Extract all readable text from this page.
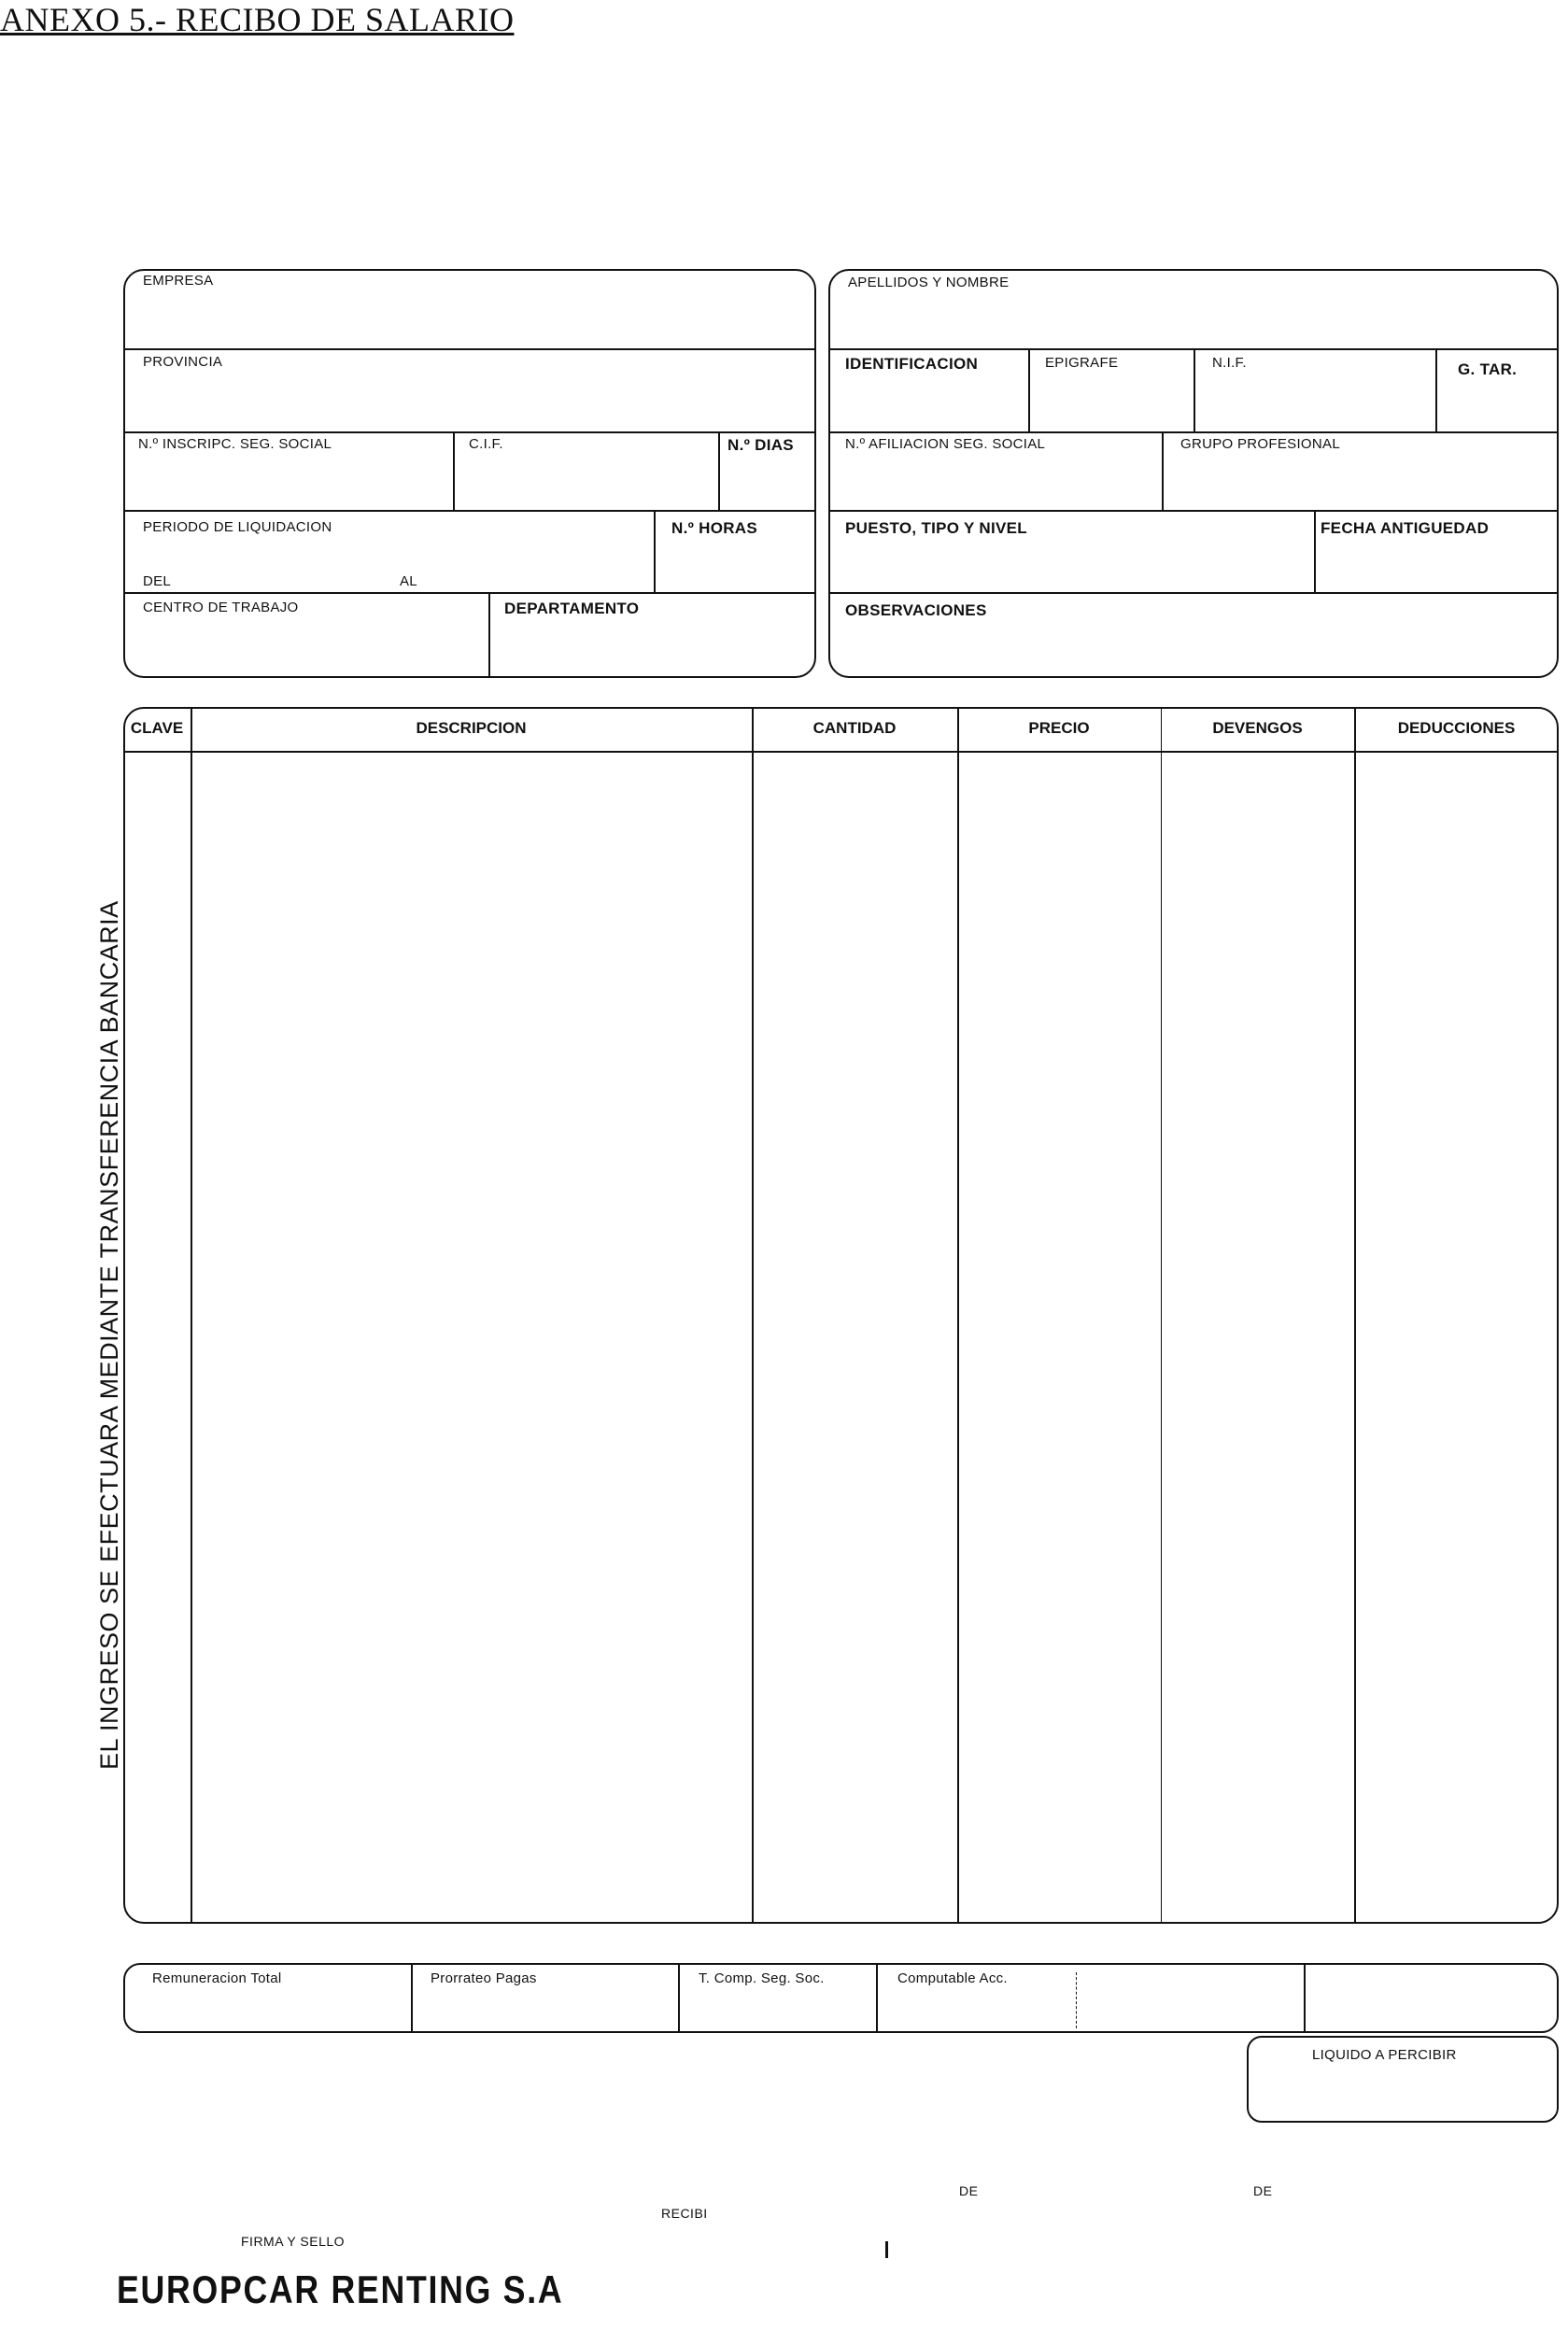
ANEXO 5.- RECIBO DE SALARIO
EMPRESA
PROVINCIA
N.º INSCRIPC. SEG. SOCIAL	C.I.F.	N.º DIAS
PERIODO DE LIQUIDACION	N.º HORAS
DEL	AL
CENTRO DE TRABAJO	DEPARTAMENTO
APELLIDOS Y NOMBRE
IDENTIFICACION	EPIGRAFE	N.I.F.	G. TAR.
N.º AFILIACION SEG. SOCIAL	GRUPO PROFESIONAL
PUESTO, TIPO Y NIVEL	FECHA ANTIGUEDAD
OBSERVACIONES
EL INGRESO SE EFECTUARA MEDIANTE TRANSFERENCIA BANCARIA
CLAVE	DESCRIPCION	CANTIDAD	PRECIO	DEVENGOS	DEDUCCIONES
Remuneracion Total	Prorrateo Pagas	T. Comp. Seg. Soc.	Computable Acc.
LIQUIDO A PERCIBIR
DE	DE
RECIBI
FIRMA Y SELLO
EUROPCAR RENTING S.A
